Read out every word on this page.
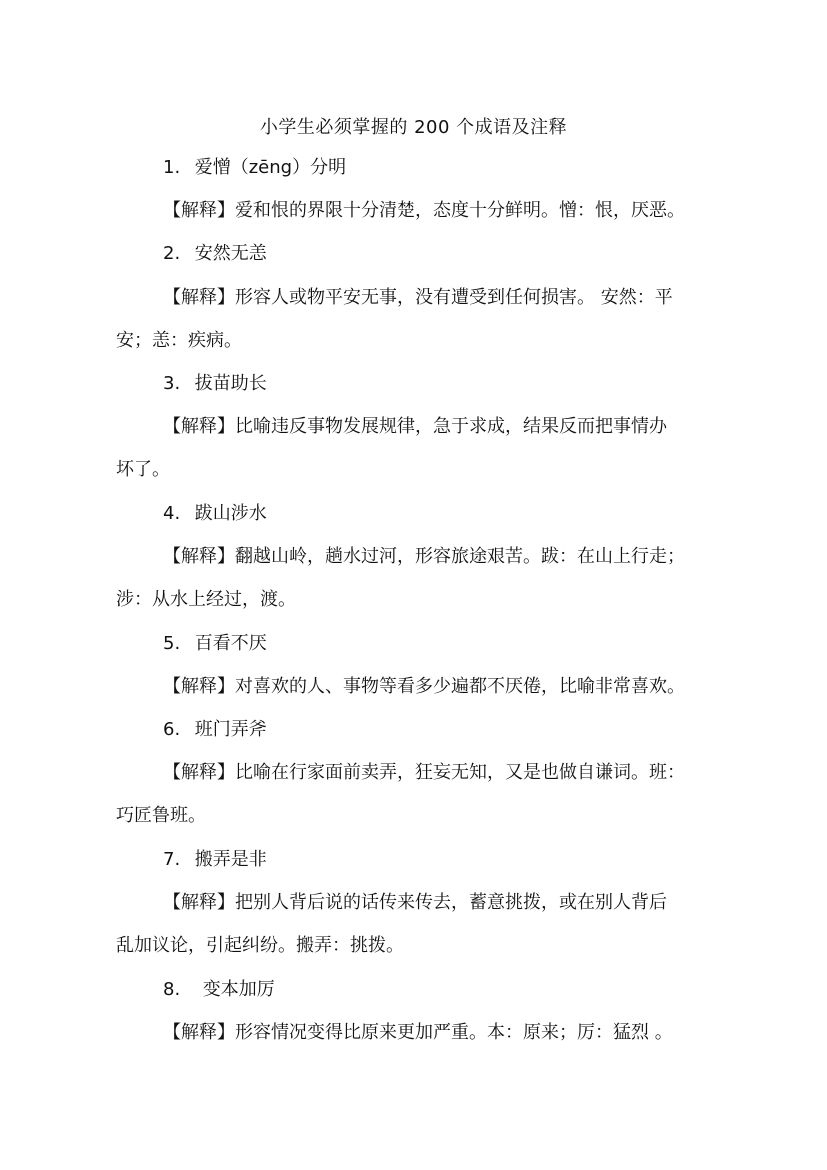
小学生必须掌握的 200 个成语及注释
1. 爱憎（zēng）分明
【解释】爱和恨的界限十分清楚，态度十分鲜明。憎：恨，厌恶。
2. 安然无恙
【解释】形容人或物平安无事，没有遭受到任何损害。 安然：平
安；恙：疾病。
3. 拔苗助长
【解释】比喻违反事物发展规律，急于求成，结果反而把事情办
坏了。
4. 跋山涉水
【解释】翻越山岭，趟水过河，形容旅途艰苦。跋：在山上行走；
涉：从水上经过，渡。
5. 百看不厌
【解释】对喜欢的人、事物等看多少遍都不厌倦，比喻非常喜欢。
6. 班门弄斧
【解释】比喻在行家面前卖弄，狂妄无知，又是也做自谦词。班：
巧匠鲁班。
7. 搬弄是非
【解释】把别人背后说的话传来传去，蓄意挑拨，或在别人背后
乱加议论，引起纠纷。搬弄：挑拨。
8. 变本加厉
【解释】形容情况变得比原来更加严重。本：原来；厉：猛烈 。
